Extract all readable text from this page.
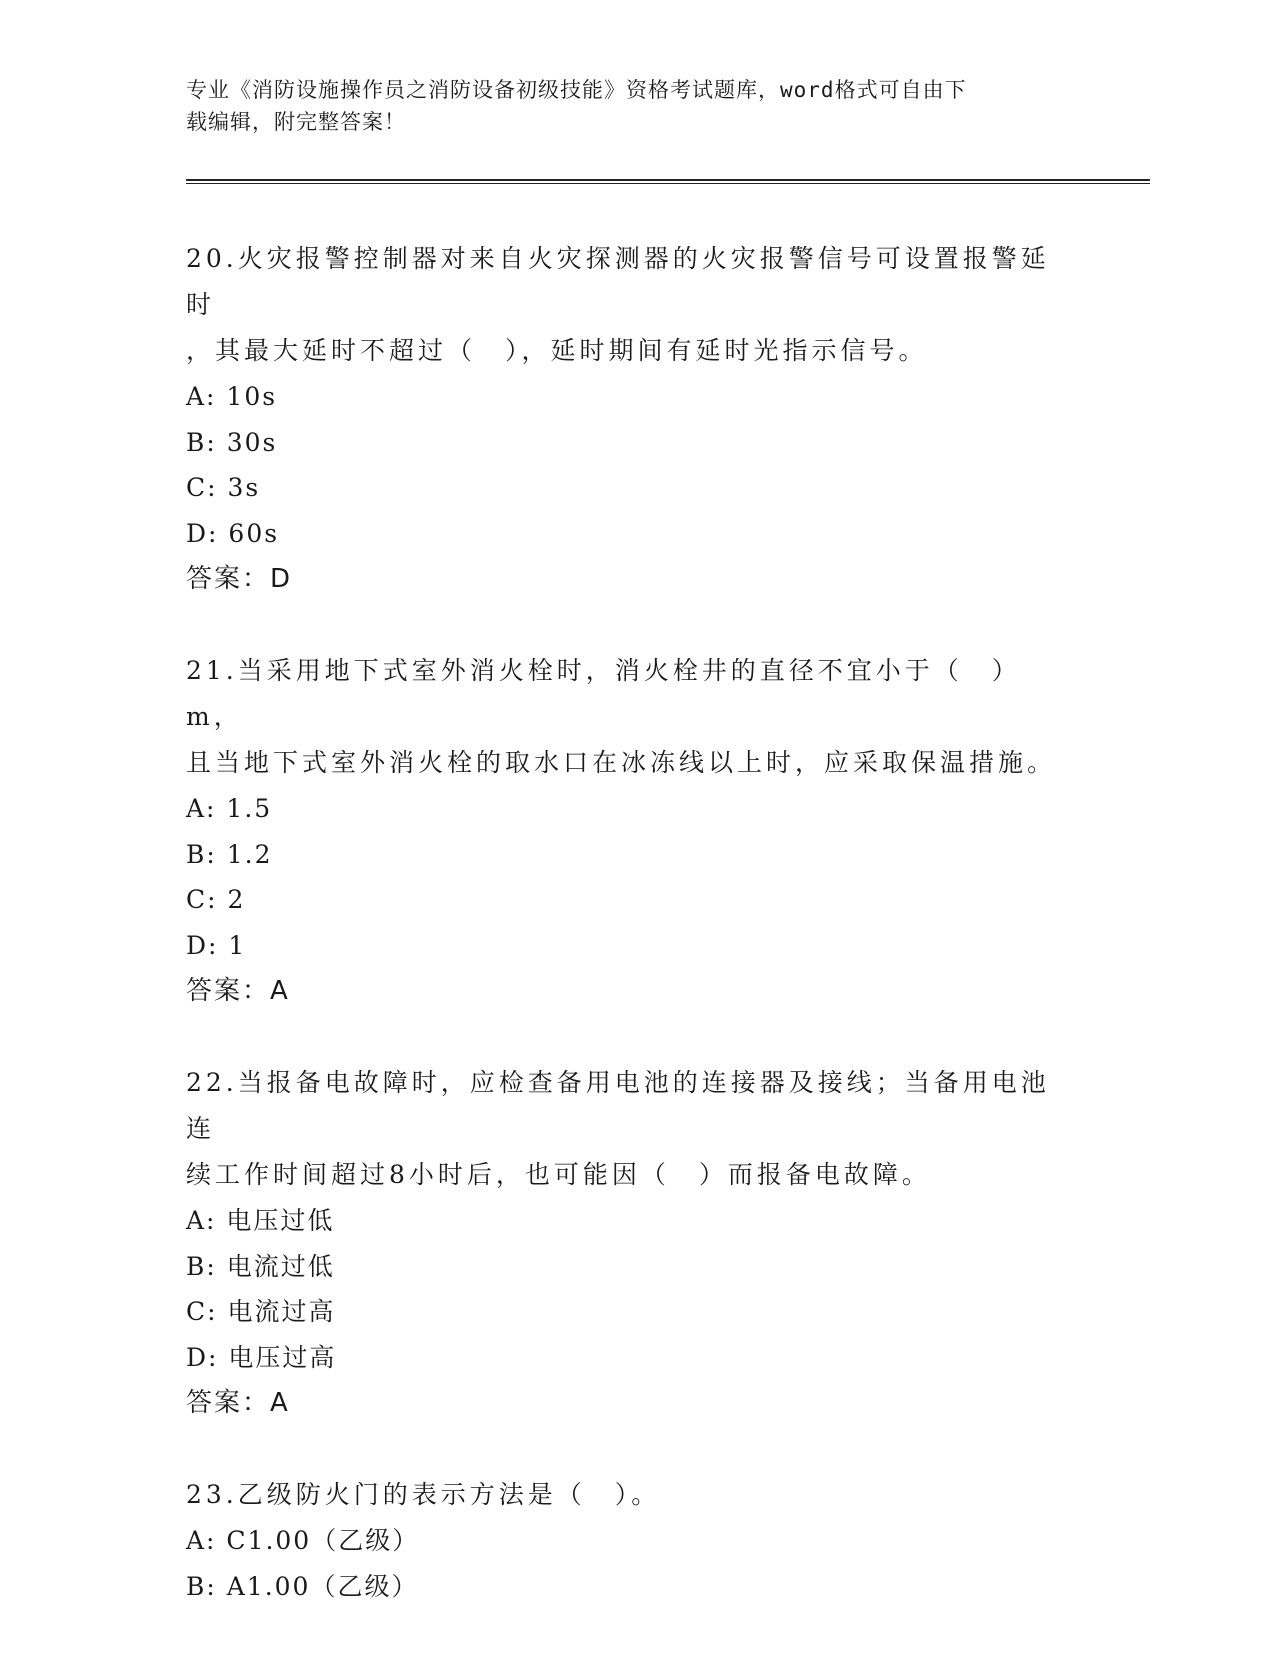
专业《消防设施操作员之消防设备初级技能》资格考试题库，word格式可自由下
载编辑，附完整答案！
20.火灾报警控制器对来自火灾探测器的火灾报警信号可设置报警延时
，其最大延时不超过（　），延时期间有延时光指示信号。
A: 10s
B: 30s
C: 3s
D: 60s
答案：D
21.当采用地下式室外消火栓时，消火栓井的直径不宜小于（　）m，
且当地下式室外消火栓的取水口在冰冻线以上时，应采取保温措施。
A: 1.5
B: 1.2
C: 2
D: 1
答案：A
22.当报备电故障时，应检查备用电池的连接器及接线；当备用电池连
续工作时间超过8小时后，也可能因（　）而报备电故障。
A: 电压过低
B: 电流过低
C: 电流过高
D: 电压过高
答案：A
23.乙级防火门的表示方法是（　）。
A: C1.00（乙级）
B: A1.00（乙级）
